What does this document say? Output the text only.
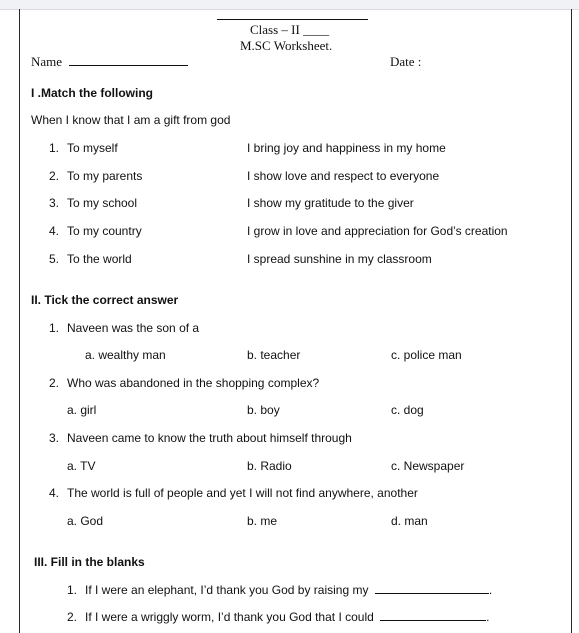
Class – II ____
M.SC Worksheet.
Name	Date :
I .Match the following
When I know that I am a gift from god
1. To myself	I bring joy and happiness in my home
2. To my parents	I show love and respect to everyone
3. To my school	I show my gratitude to the giver
4. To my country	I grow in love and appreciation for God’s creation
5. To the world	I spread sunshine in my classroom
II. Tick the correct answer
1. Naveen was the son of a
a. wealthy man	b. teacher	c. police man
2. Who was abandoned in the shopping complex?
a. girl	b. boy	c. dog
3. Naveen came to know the truth about himself through
a. TV	b. Radio	c. Newspaper
4. The world is full of people and yet I will not find anywhere, another
a. God	b. me	d. man
III. Fill in the blanks
1. If I were an elephant, I’d thank you God by raising my	.
2. If I were a wriggly worm, I’d thank you God that I could	.
